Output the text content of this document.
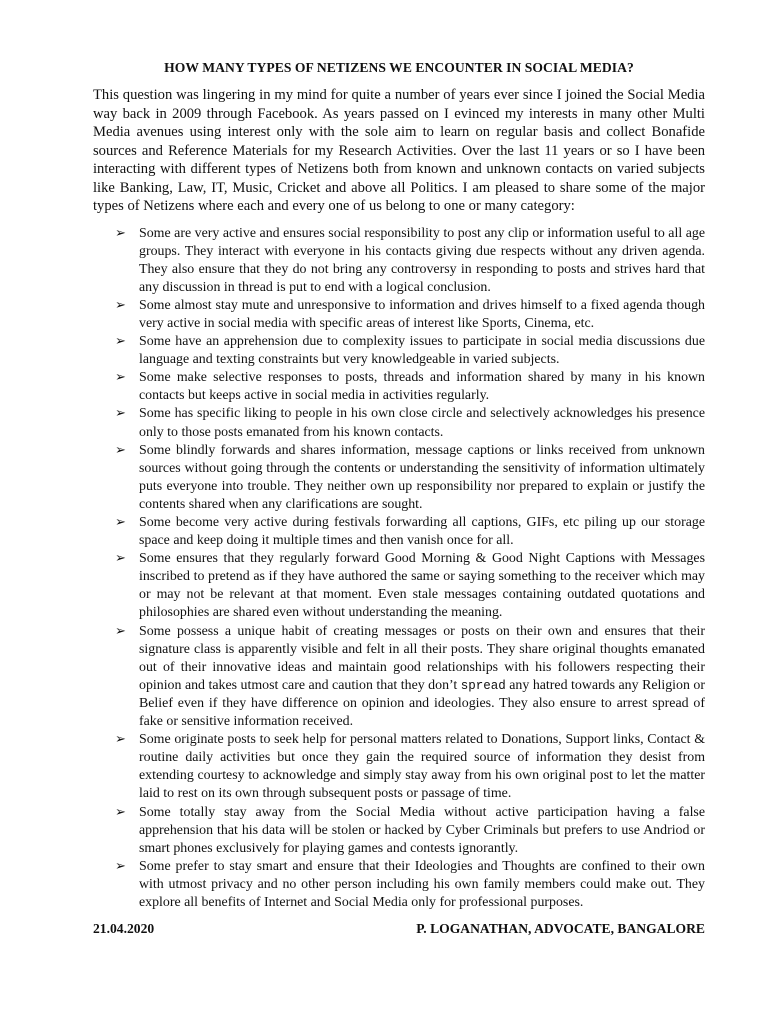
HOW MANY TYPES OF NETIZENS WE ENCOUNTER IN SOCIAL MEDIA?

This question was lingering in my mind for quite a number of years ever since I joined the Social Media way back in 2009 through Facebook. As years passed on I evinced my interests in many other Multi Media avenues using interest only with the sole aim to learn on regular basis and collect Bonafide sources and Reference Materials for my Research Activities. Over the last 11 years or so I have been interacting with different types of Netizens both from known and unknown contacts on varied subjects like Banking, Law, IT, Music, Cricket and above all Politics. I am pleased to share some of the major types of Netizens where each and every one of us belong to one or many category:

➢ Some are very active and ensures social responsibility to post any clip or information useful to all age groups. They interact with everyone in his contacts giving due respects without any driven agenda. They also ensure that they do not bring any controversy in responding to posts and strives hard that any discussion in thread is put to end with a logical conclusion.
➢ Some almost stay mute and unresponsive to information and drives himself to a fixed agenda though very active in social media with specific areas of interest like Sports, Cinema, etc.
➢ Some have an apprehension due to complexity issues to participate in social media discussions due language and texting constraints but very knowledgeable in varied subjects.
➢ Some make selective responses to posts, threads and information shared by many in his known contacts but keeps active in social media in activities regularly.
➢ Some has specific liking to people in his own close circle and selectively acknowledges his presence only to those posts emanated from his known contacts.
➢ Some blindly forwards and shares information, message captions or links received from unknown sources without going through the contents or understanding the sensitivity of information ultimately puts everyone into trouble. They neither own up responsibility nor prepared to explain or justify the contents shared when any clarifications are sought.
➢ Some become very active during festivals forwarding all captions, GIFs, etc piling up our storage space and keep doing it multiple times and then vanish once for all.
➢ Some ensures that they regularly forward Good Morning & Good Night Captions with Messages inscribed to pretend as if they have authored the same or saying something to the receiver which may or may not be relevant at that moment. Even stale messages containing outdated quotations and philosophies are shared even without understanding the meaning.
➢ Some possess a unique habit of creating messages or posts on their own and ensures that their signature class is apparently visible and felt in all their posts. They share original thoughts emanated out of their innovative ideas and maintain good relationships with his followers respecting their opinion and takes utmost care and caution that they don’t spread any hatred towards any Religion or Belief even if they have difference on opinion and ideologies. They also ensure to arrest spread of fake or sensitive information received.
➢ Some originate posts to seek help for personal matters related to Donations, Support links, Contact & routine daily activities but once they gain the required source of information they desist from extending courtesy to acknowledge and simply stay away from his own original post to let the matter laid to rest on its own through subsequent posts or passage of time.
➢ Some totally stay away from the Social Media without active participation having a false apprehension that his data will be stolen or hacked by Cyber Criminals but prefers to use Andriod or smart phones exclusively for playing games and contests ignorantly.
➢ Some prefer to stay smart and ensure that their Ideologies and Thoughts are confined to their own with utmost privacy and no other person including his own family members could make out. They explore all benefits of Internet and Social Media only for professional purposes.
21.04.2020	P. LOGANATHAN, ADVOCATE, BANGALORE
